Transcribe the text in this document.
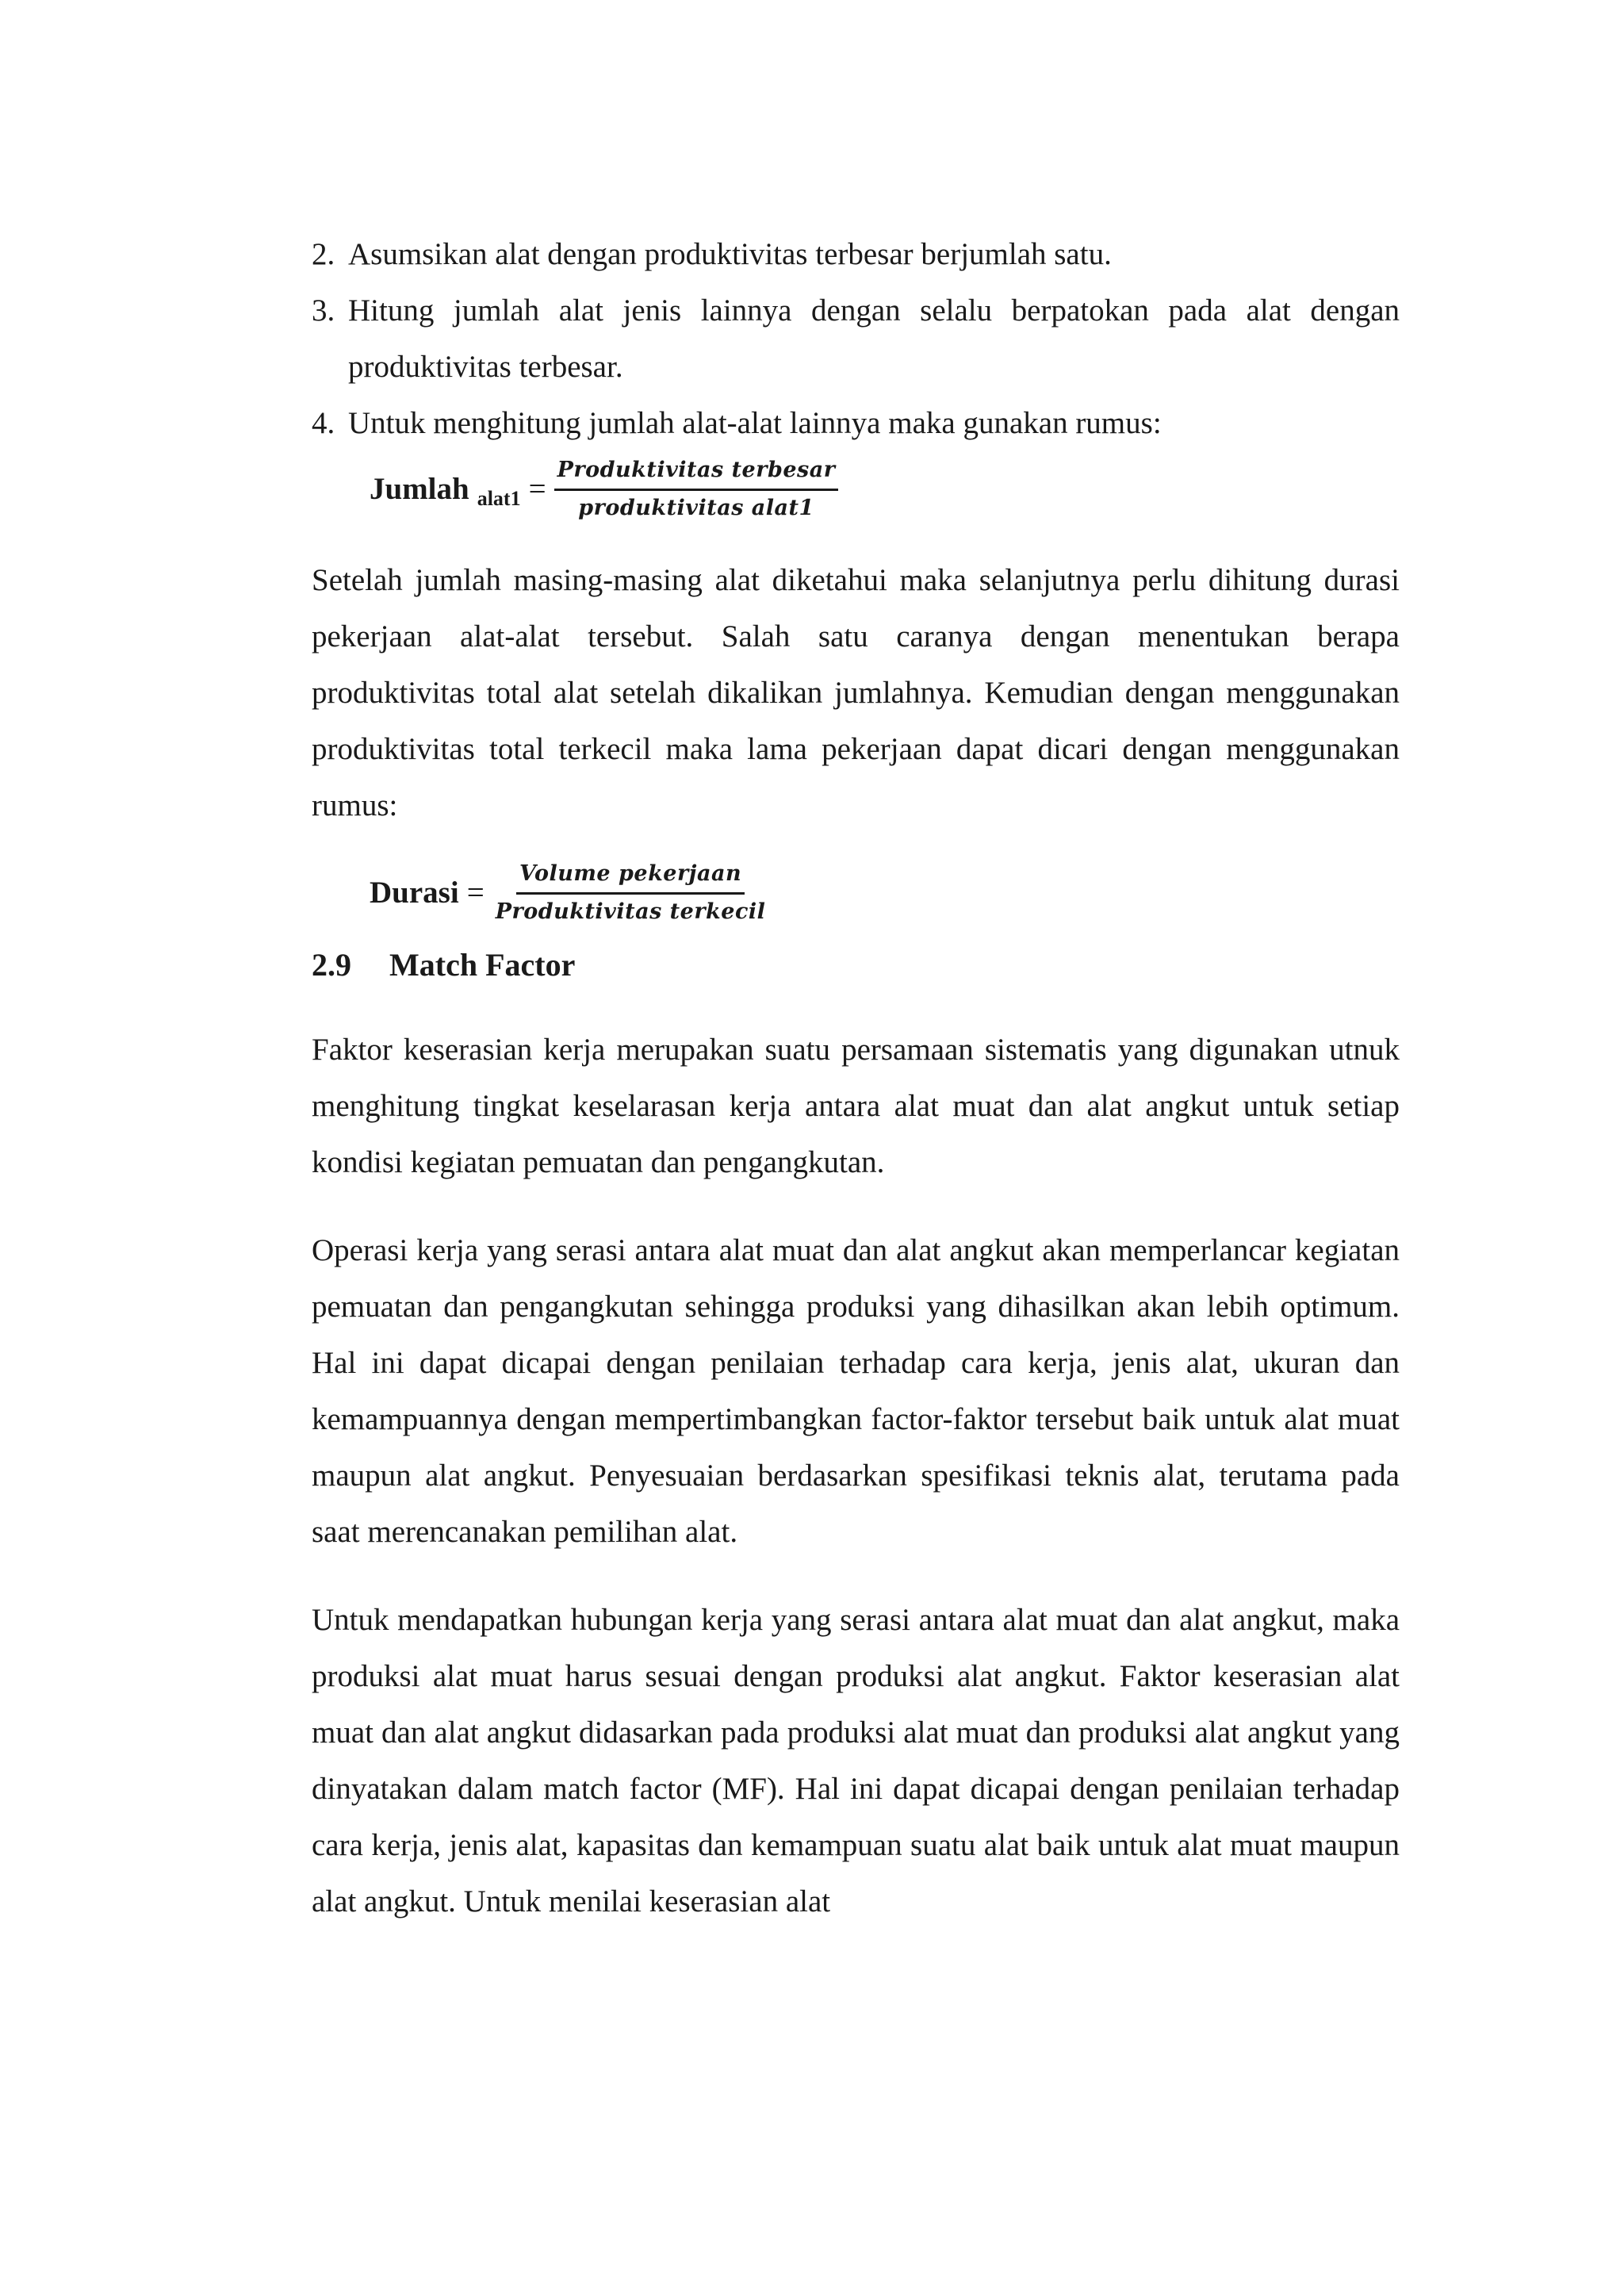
2. Asumsikan alat dengan produktivitas terbesar berjumlah satu.
3. Hitung jumlah alat jenis lainnya dengan selalu berpatokan pada alat dengan produktivitas terbesar.
4. Untuk menghitung jumlah alat-alat lainnya maka gunakan rumus:
Jumlah alat1 = $\frac{\text{Produktivitas terbesar}}{\text{produktivitas alat1}}$

Setelah jumlah masing-masing alat diketahui maka selanjutnya perlu dihitung durasi pekerjaan alat-alat tersebut. Salah satu caranya dengan menentukan berapa produktivitas total alat setelah dikalikan jumlahnya. Kemudian dengan menggunakan produktivitas total terkecil maka lama pekerjaan dapat dicari dengan menggunakan rumus:

Durasi = $\frac{\text{Volume pekerjaan}}{\text{Produktivitas terkecil}}$
2.9	Match Factor

Faktor keserasian kerja merupakan suatu persamaan sistematis yang digunakan utnuk menghitung tingkat keselarasan kerja antara alat muat dan alat angkut untuk setiap kondisi kegiatan pemuatan dan pengangkutan.

Operasi kerja yang serasi antara alat muat dan alat angkut akan memperlancar kegiatan pemuatan dan pengangkutan sehingga produksi yang dihasilkan akan lebih optimum. Hal ini dapat dicapai dengan penilaian terhadap cara kerja, jenis alat, ukuran dan kemampuannya dengan mempertimbangkan factor-faktor tersebut baik untuk alat muat maupun alat angkut. Penyesuaian berdasarkan spesifikasi teknis alat, terutama pada saat merencanakan pemilihan alat.

Untuk mendapatkan hubungan kerja yang serasi antara alat muat dan alat angkut, maka produksi alat muat harus sesuai dengan produksi alat angkut. Faktor keserasian alat muat dan alat angkut didasarkan pada produksi alat muat dan produksi alat angkut yang dinyatakan dalam match factor (MF). Hal ini dapat dicapai dengan penilaian terhadap cara kerja, jenis alat, kapasitas dan kemampuan suatu alat baik untuk alat muat maupun alat angkut. Untuk menilai keserasian alat
